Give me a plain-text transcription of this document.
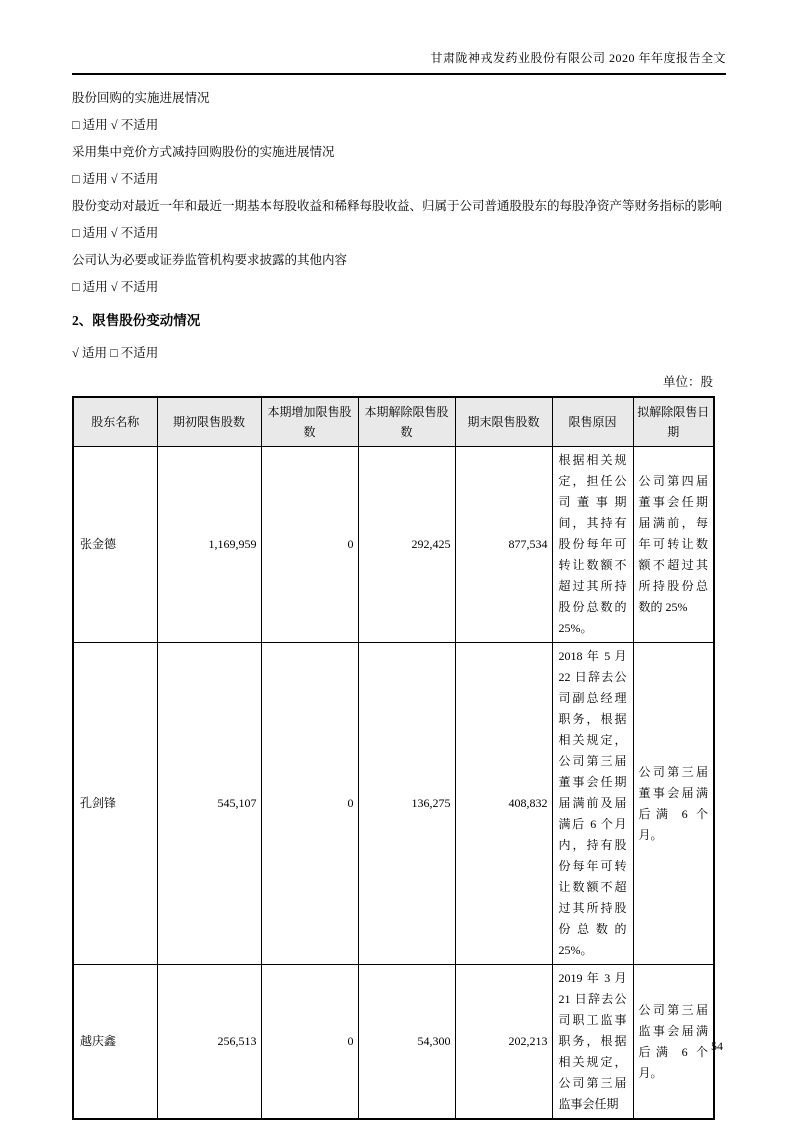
甘肃陇神戎发药业股份有限公司 2020 年年度报告全文
股份回购的实施进展情况
□ 适用 √ 不适用
采用集中竞价方式减持回购股份的实施进展情况
□ 适用 √ 不适用
股份变动对最近一年和最近一期基本每股收益和稀释每股收益、归属于公司普通股股东的每股净资产等财务指标的影响
□ 适用 √ 不适用
公司认为必要或证券监管机构要求披露的其他内容
□ 适用 √ 不适用
2、限售股份变动情况
√ 适用 □ 不适用
单位：股
股东名称	期初限售股数	本期增加限售股数	本期解除限售股数	期末限售股数	限售原因	拟解除限售日期
张金德	1,169,959	0	292,425	877,534	根据相关规定，担任公司董事期间，其持有股份每年可转让数额不超过其所持股份总数的25%。	公司第四届董事会任期届满前，每年可转让数额不超过其所持股份总数的 25%
孔剑锋	545,107	0	136,275	408,832	2018 年 5 月 22 日辞去公司副总经理职务，根据相关规定，公司第三届董事会任期届满前及届满后 6 个月内，持有股份每年可转让数额不超过其所持股份总数的25%。	公司第三届董事会届满后满 6 个月。
越庆鑫	256,513	0	54,300	202,213	2019 年 3 月 21 日辞去公司职工监事职务，根据相关规定，公司第三届监事会任期	公司第三届监事会届满后满 6 个月。
54
